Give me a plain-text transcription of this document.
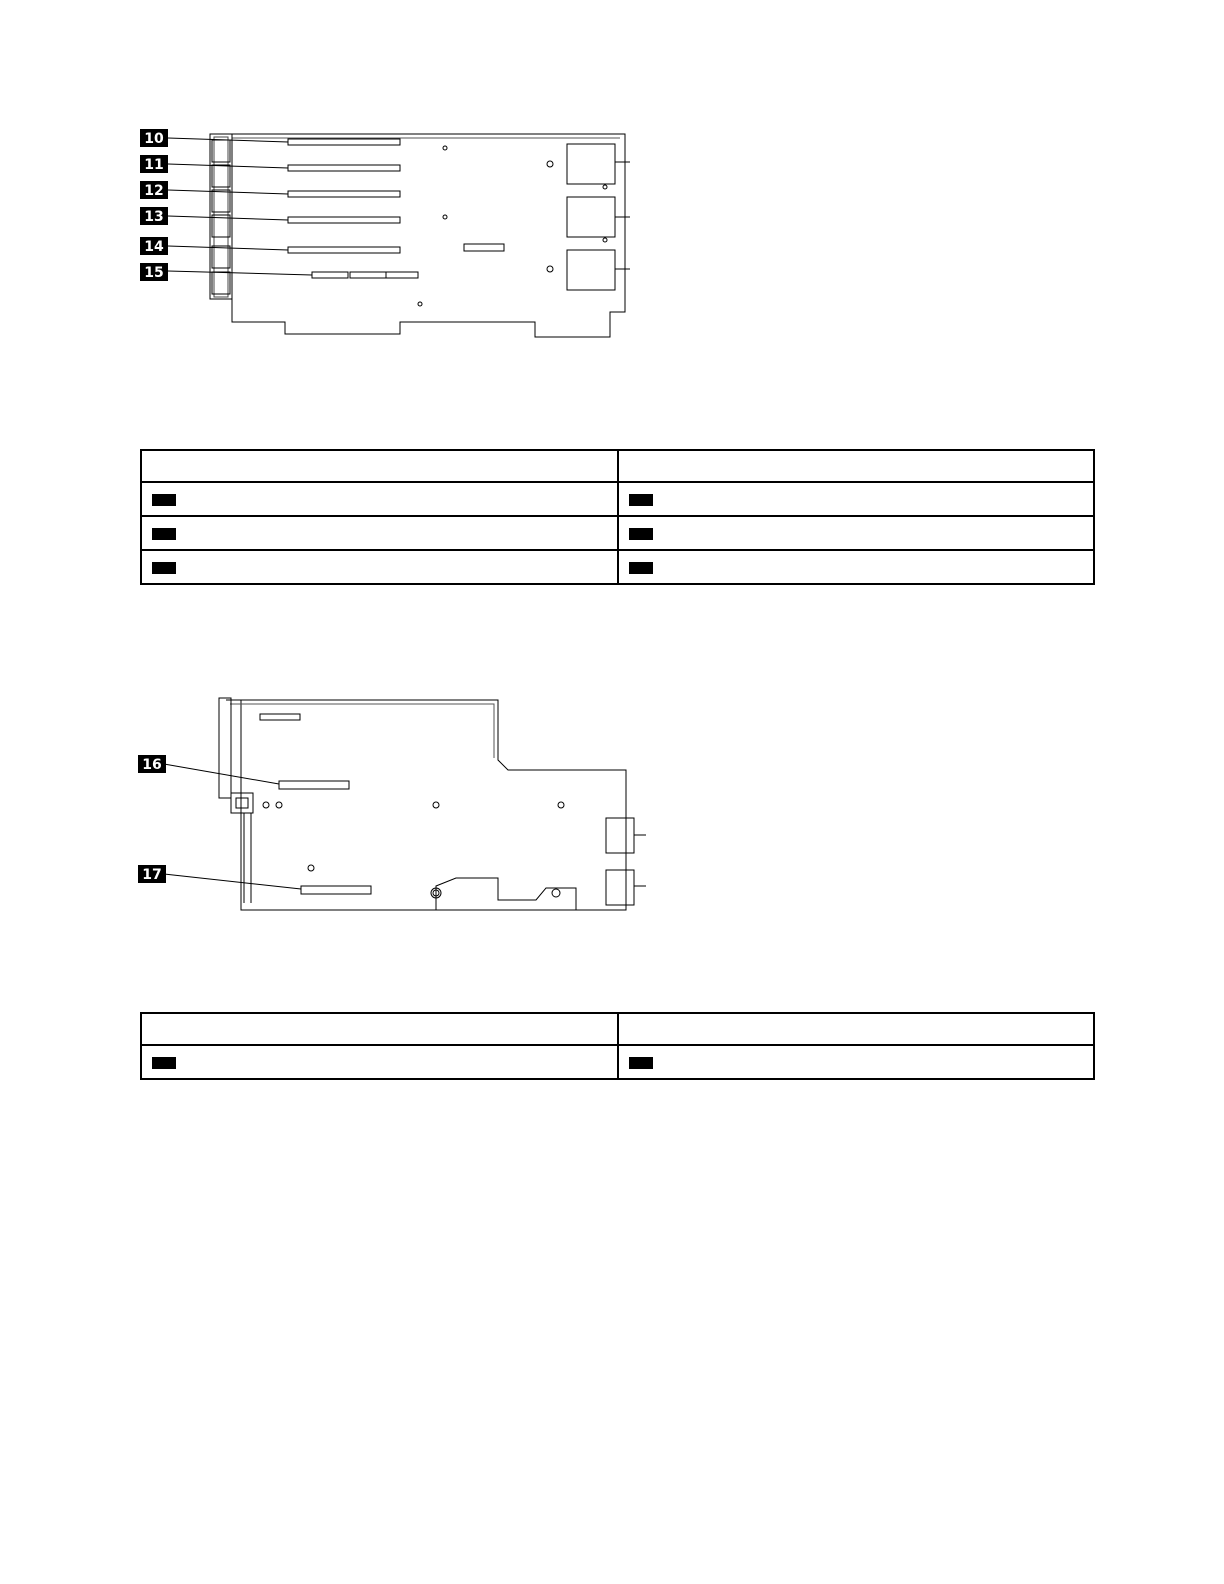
10
11
12
13
14
15

16
17
